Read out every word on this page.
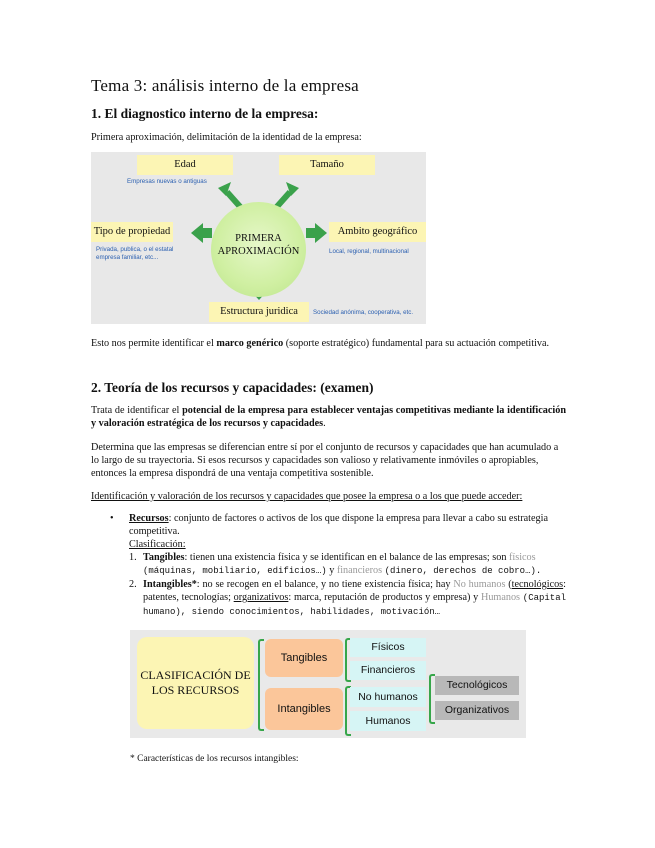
Tema 3: análisis interno de la empresa
1. El diagnostico interno de la empresa:
Primera aproximación, delimitación de la identidad de la empresa:
Edad
Empresas nuevas o antiguas
Tamaño
Tipo de propiedad
Privada, publica, o el estatal
empresa familiar, etc...
Ambito geográfico
Local, regional, multinacional
PRIMERA
APROXIMACIÓN
Estructura juridica	Sociedad anónima, cooperativa, etc.
Esto nos permite identificar el marco genérico (soporte estratégico) fundamental para su actuación competitiva.
2. Teoría de los recursos y capacidades: (examen)
Trata de identificar el potencial de la empresa para establecer ventajas competitivas mediante la identificación y valoración estratégica de los recursos y capacidades.
Determina que las empresas se diferencian entre sí por el conjunto de recursos y capacidades que han acumulado a lo largo de su trayectoria. Si esos recursos y capacidades son valioso y relativamente inmóviles o apropiables, entonces la empresa dispondrá de una ventaja competitiva sostenible.
Identificación y valoración de los recursos y capacidades que posee la empresa o a los que puede acceder:
• Recursos: conjunto de factores o activos de los que dispone la empresa para llevar a cabo su estrategia competitiva.
Clasificación:
1. Tangibles: tienen una existencia física y se identifican en el balance de las empresas; son físicos (máquinas, mobiliario, edificios…) y financieros (dinero, derechos de cobro…).
2. Intangibles*: no se recogen en el balance, y no tiene existencia física; hay No humanos (tecnológicos: patentes, tecnologías; organizativos: marca, reputación de productos y empresa) y Humanos (Capital humano), siendo conocimientos, habilidades, motivación…
CLASIFICACIÓN DE LOS RECURSOS
Tangibles
Intangibles
Físicos
Financieros
No humanos
Humanos
Tecnológicos
Organizativos
* Características de los recursos intangibles:
